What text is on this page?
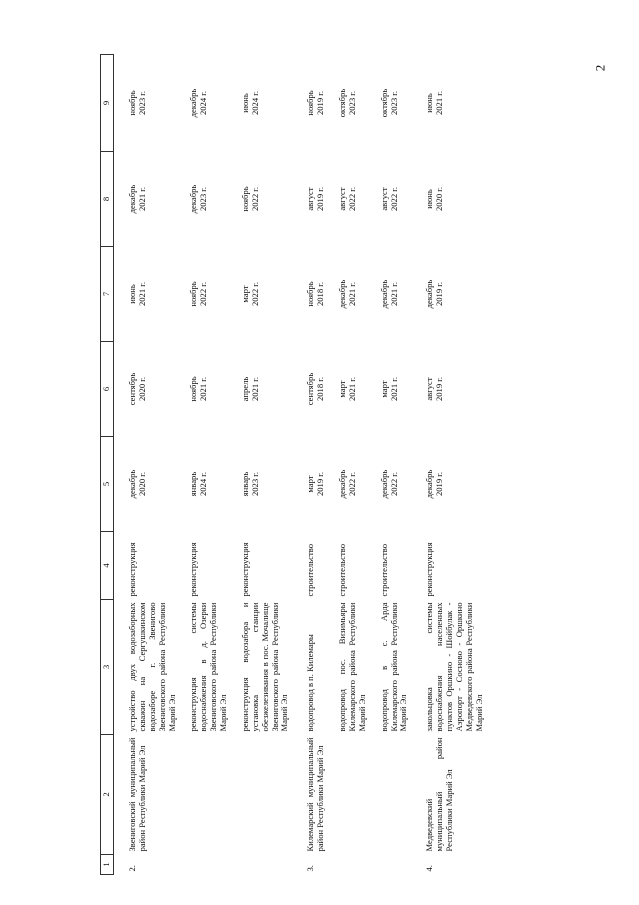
2
1	2	3	4	5	6	7	8	9
2.	Звениговский муниципальный район Республики Марий Эл	устройство двух водозаборных скважин на Сергушкинском водозаборе г. Звенигово Звениговского района Республики Марий Эл	реконструкция	декабрь 2020 г.	сентябрь 2020 г.	июнь 2021 г.	декабрь 2021 г.	ноябрь 2023 г.

		реконструкция системы водоснабжения в д. Озерки Звениговского района Республики Марий Эл	реконструкция	январь 2024 г.	ноябрь 2021 г.	ноябрь 2022 г.	декабрь 2023 г.	декабрь 2024 г.

		реконструкция водозабора и установка станции обезжелезивания в пос. Мочалище Звениговского района Республики Марий Эл	реконструкция	январь 2023 г.	апрель 2021 г.	март 2022 г.	ноябрь 2022 г.	июнь 2024 г.

3.	Килемарский муниципальный район Республики Марий Эл	водопровод в п. Килемары	строительство	март 2019 г.	сентябрь 2018 г.	ноябрь 2018 г.	август 2019 г.	ноябрь 2019 г.

		водопровод пос. Визимьяры Килемарского района Республики Марий Эл	строительство	декабрь 2022 г.	март 2021 г.	декабрь 2021 г.	август 2022 г.	октябрь 2023 г.

		водопровод в с. Арда Килемарского района Республики Марий Эл	строительство	декабрь 2022 г.	март 2021 г.	декабрь 2021 г.	август 2022 г.	октябрь 2023 г.

4.	Медведевский муниципальный район Республики Марий Эл	закольцовка системы водоснабжения населенных пунктов Оршкино - Шойбулак - Аэропорт - Сосново - Оршкино Медведевского района Республики Марий Эл	реконструкция	декабрь 2019 г.	август 2019 г.	декабрь 2019 г.	июнь 2020 г.	июнь 2021 г.
